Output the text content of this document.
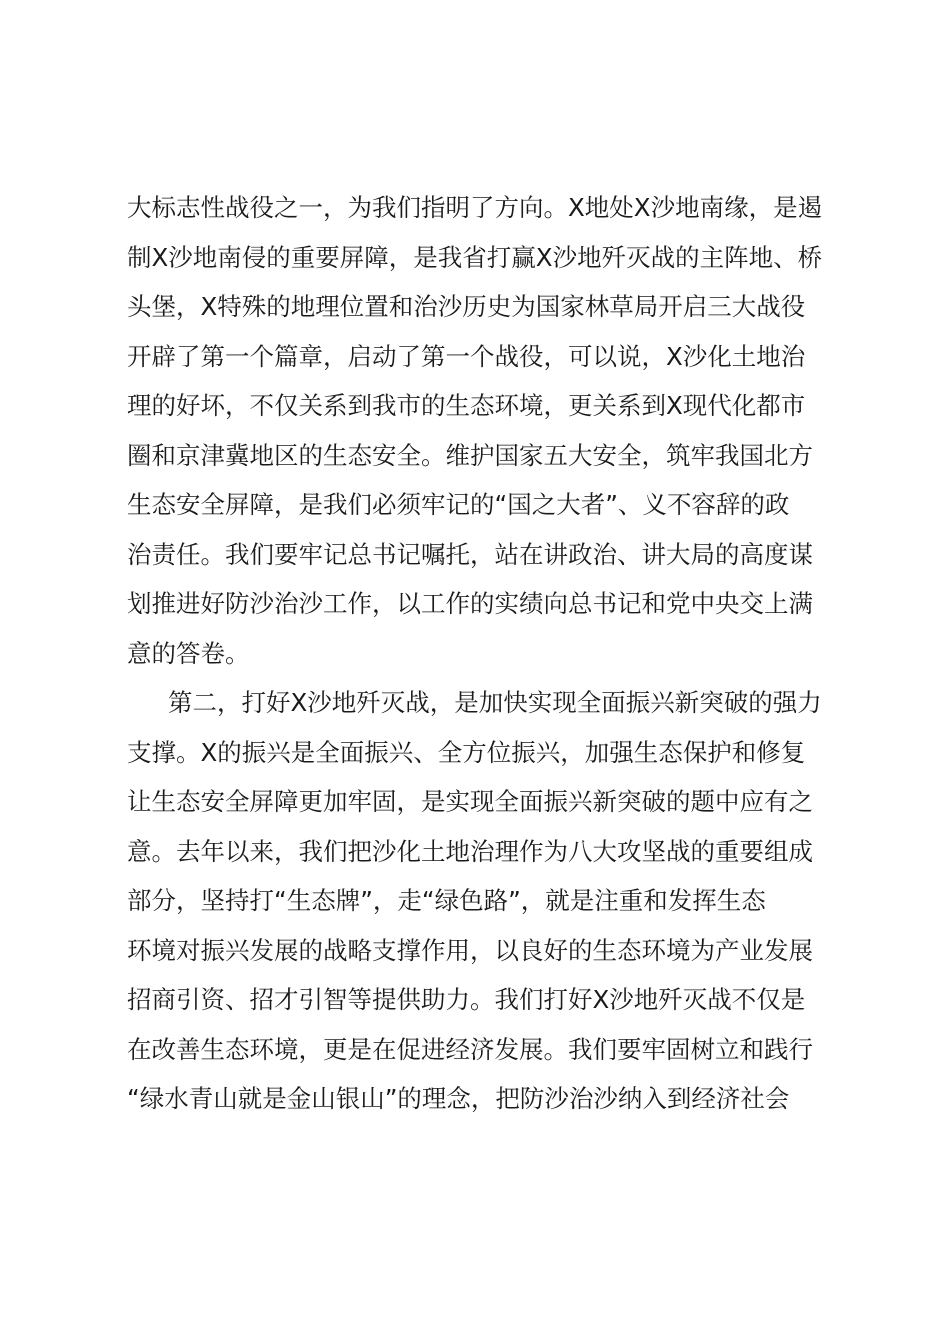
大标志性战役之一，为我们指明了方向。X地处X沙地南缘，是遏
制X沙地南侵的重要屏障，是我省打赢X沙地歼灭战的主阵地、桥
头堡，X特殊的地理位置和治沙历史为国家林草局开启三大战役
开辟了第一个篇章，启动了第一个战役，可以说，X沙化土地治
理的好坏，不仅关系到我市的生态环境，更关系到X现代化都市
圈和京津冀地区的生态安全。维护国家五大安全，筑牢我国北方
生态安全屏障，是我们必须牢记的“国之大者”、义不容辞的政
治责任。我们要牢记总书记嘱托，站在讲政治、讲大局的高度谋
划推进好防沙治沙工作，以工作的实绩向总书记和党中央交上满
意的答卷。
第二，打好X沙地歼灭战，是加快实现全面振兴新突破的强力
支撑。X的振兴是全面振兴、全方位振兴，加强生态保护和修复
让生态安全屏障更加牢固，是实现全面振兴新突破的题中应有之
意。去年以来，我们把沙化土地治理作为八大攻坚战的重要组成
部分，坚持打“生态牌”，走“绿色路”，就是注重和发挥生态
环境对振兴发展的战略支撑作用，以良好的生态环境为产业发展
招商引资、招才引智等提供助力。我们打好X沙地歼灭战不仅是
在改善生态环境，更是在促进经济发展。我们要牢固树立和践行
“绿水青山就是金山银山”的理念，把防沙治沙纳入到经济社会
